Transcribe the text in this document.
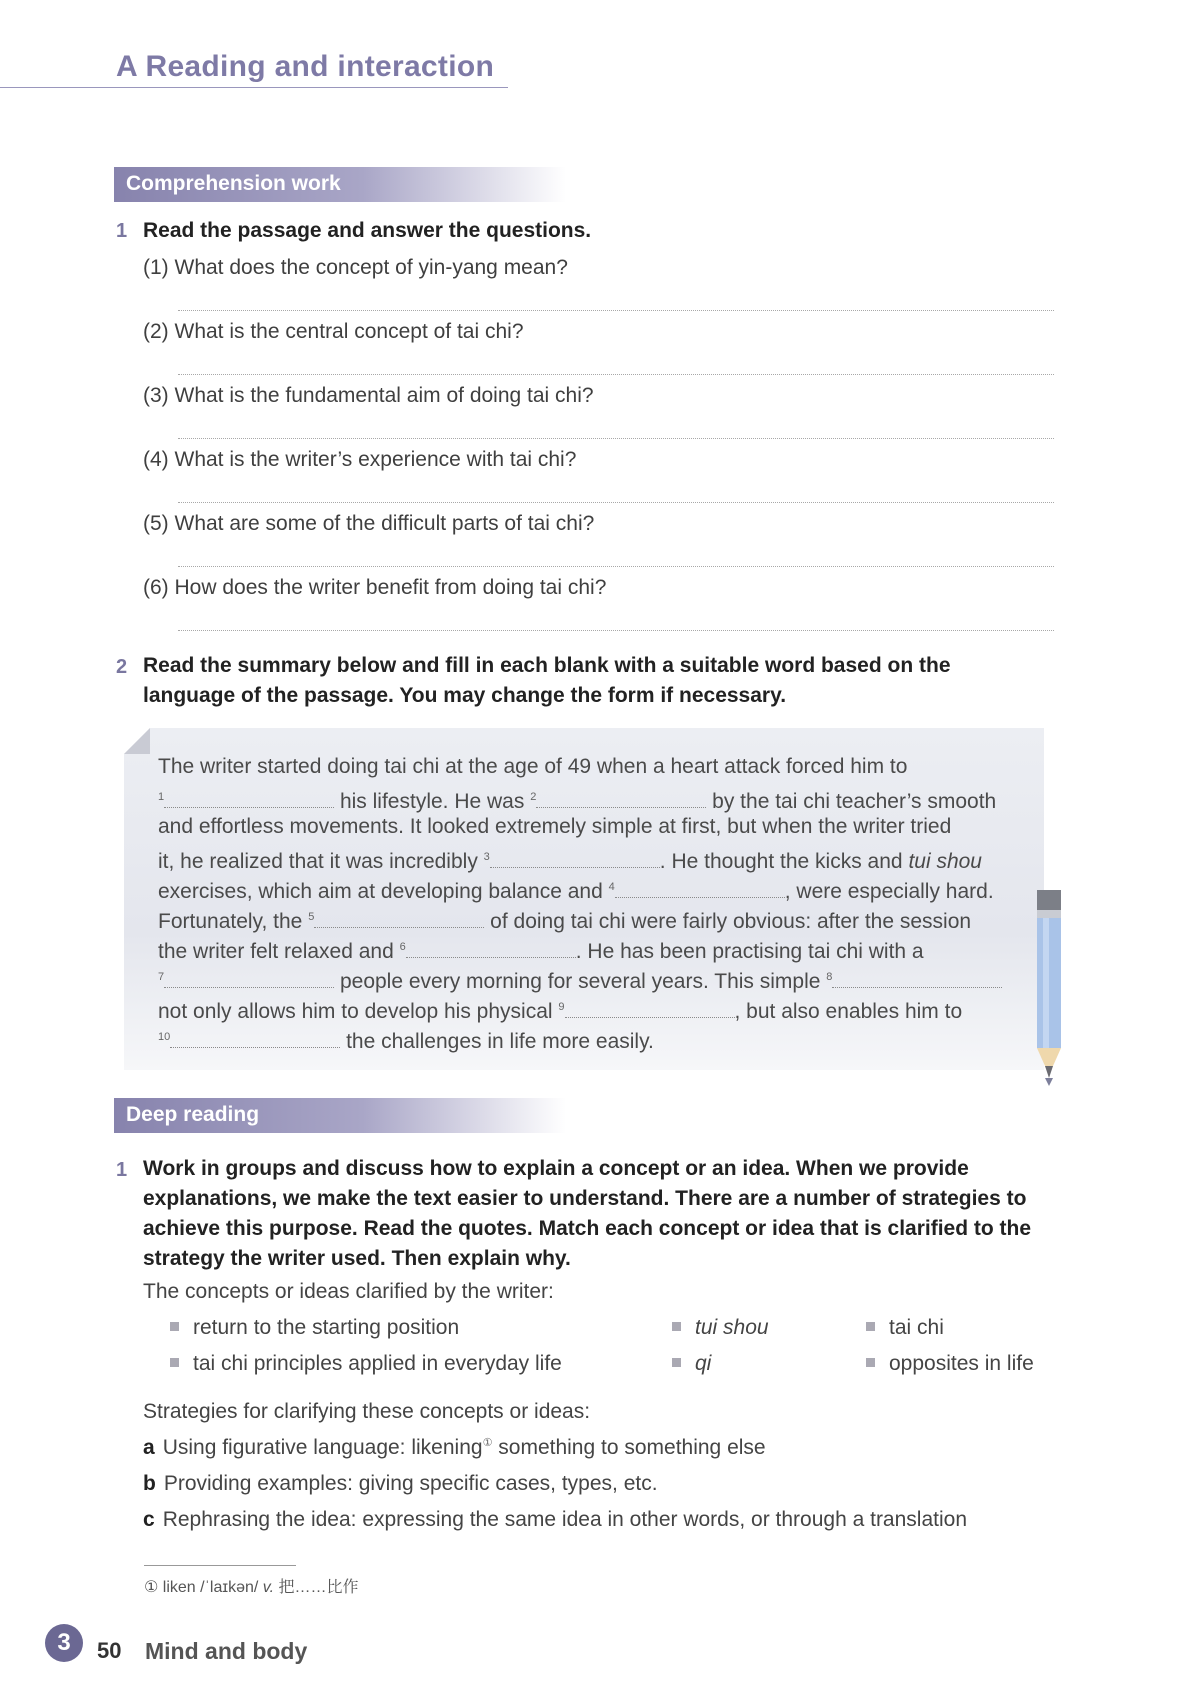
A Reading and interaction
Comprehension work
1 Read the passage and answer the questions.
(1) What does the concept of yin-yang mean?
(2) What is the central concept of tai chi?
(3) What is the fundamental aim of doing tai chi?
(4) What is the writer’s experience with tai chi?
(5) What are some of the difficult parts of tai chi?
(6) How does the writer benefit from doing tai chi?
2 Read the summary below and fill in each blank with a suitable word based on the
language of the passage. You may change the form if necessary.
The writer started doing tai chi at the age of 49 when a heart attack forced him to
$^1$	his lifestyle. He was $^2$	by the tai chi teacher’s smooth
and effortless movements. It looked extremely simple at first, but when the writer tried
it, he realized that it was incredibly $^3$	. He thought the kicks and tui shou
exercises, which aim at developing balance and $^4$	, were especially hard.
Fortunately, the $^5$	of doing tai chi were fairly obvious: after the session
the writer felt relaxed and $^6$	. He has been practising tai chi with a
$^7$	people every morning for several years. This simple $^8$
not only allows him to develop his physical $^9$	, but also enables him to
$^{10}$	the challenges in life more easily.
Deep reading
1 Work in groups and discuss how to explain a concept or an idea. When we provide
explanations, we make the text easier to understand. There are a number of strategies to
achieve this purpose. Read the quotes. Match each concept or idea that is clarified to the
strategy the writer used. Then explain why.
The concepts or ideas clarified by the writer:
return to the starting position	tui shou	tai chi
tai chi principles applied in everyday life	qi	opposites in life
Strategies for clarifying these concepts or ideas:
a Using figurative language: likening① something to something else
b Providing examples: giving specific cases, types, etc.
c Rephrasing the idea: expressing the same idea in other words, or through a translation
① liken /ˈlaɪkən/ v. 把……比作
3	50 Mind and body
